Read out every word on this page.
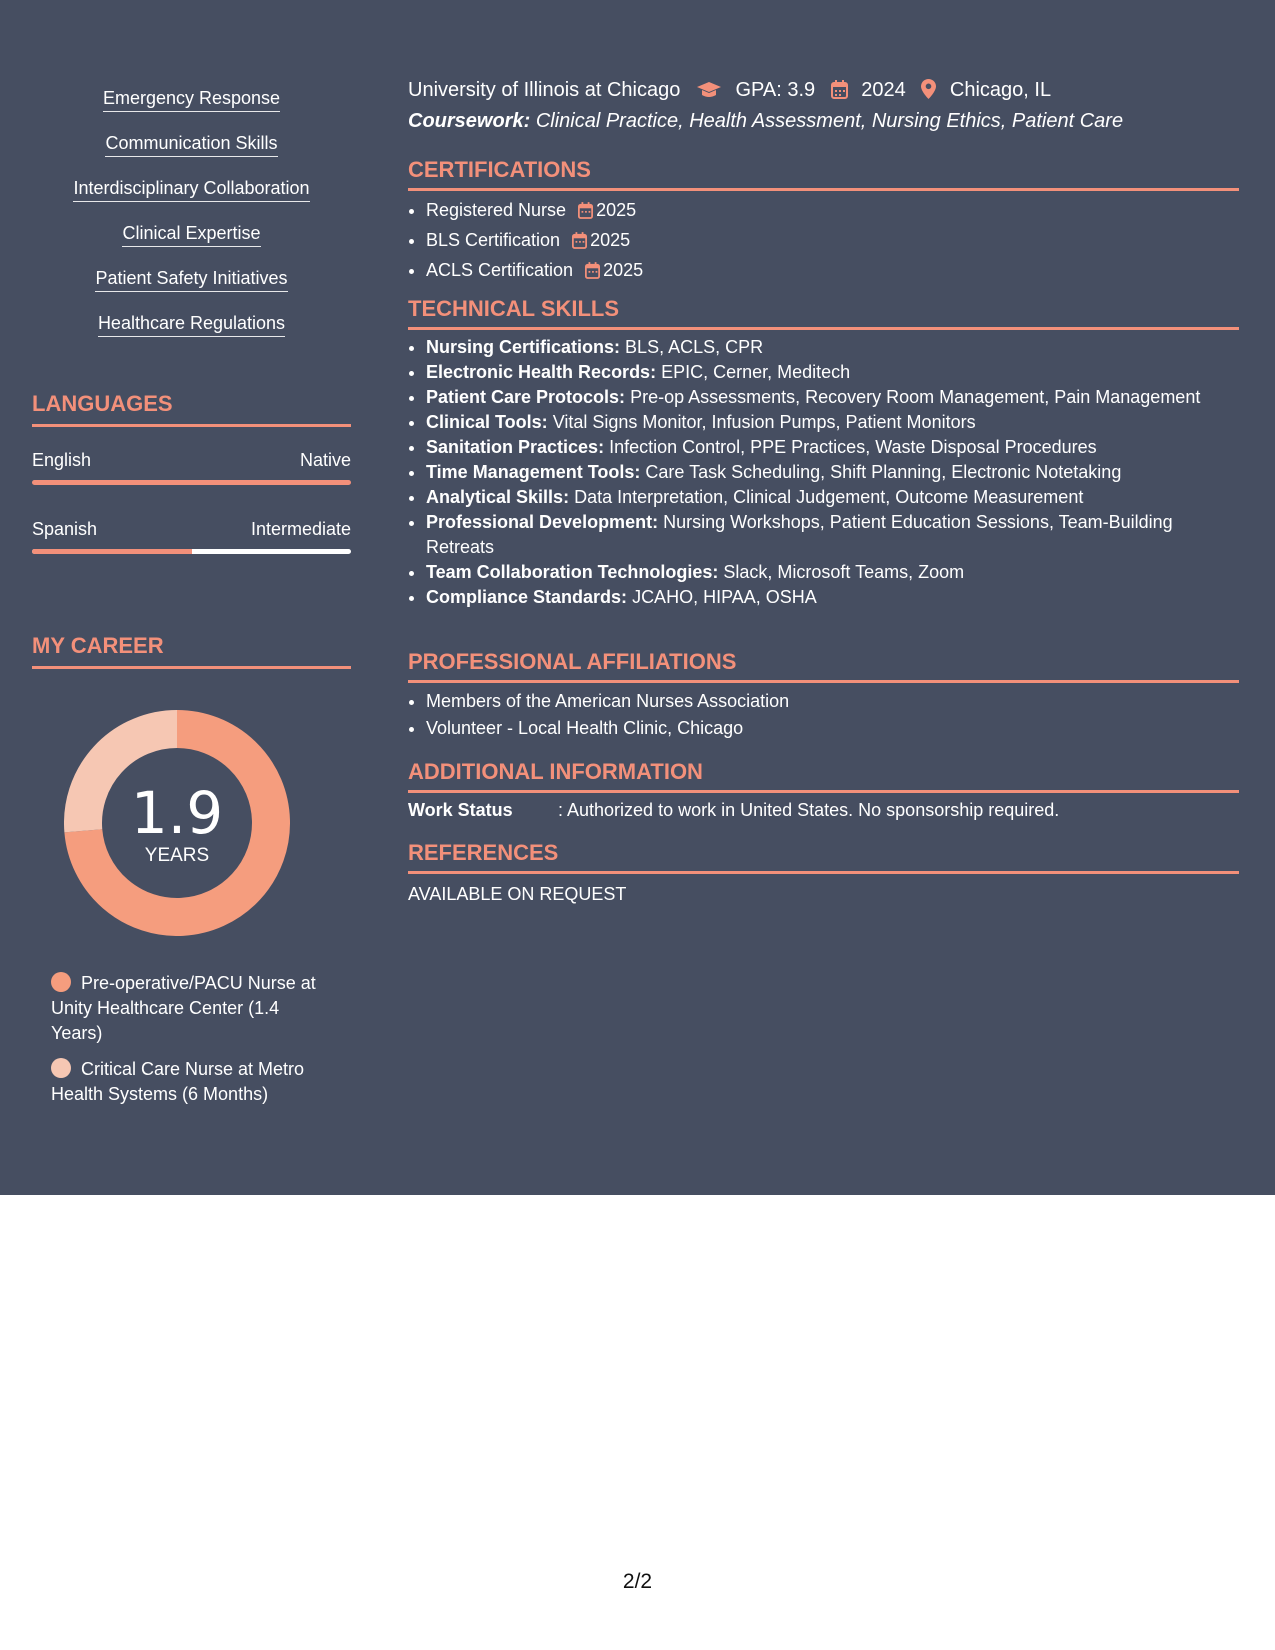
Emergency Response
Communication Skills
Interdisciplinary Collaboration
Clinical Expertise
Patient Safety Initiatives
Healthcare Regulations
LANGUAGES
English	Native
Spanish	Intermediate
MY CAREER
1.9
YEARS
Pre-operative/PACU Nurse at Unity Healthcare Center (1.4 Years)
Critical Care Nurse at Metro Health Systems (6 Months)
University of Illinois at Chicago	GPA: 3.9 2024 Chicago, IL
Coursework: Clinical Practice, Health Assessment, Nursing Ethics, Patient Care
CERTIFICATIONS
• Registered Nurse 2025
• BLS Certification 2025
• ACLS Certification 2025
TECHNICAL SKILLS
• Nursing Certifications: BLS, ACLS, CPR
• Electronic Health Records: EPIC, Cerner, Meditech
• Patient Care Protocols: Pre-op Assessments, Recovery Room Management, Pain Management
• Clinical Tools: Vital Signs Monitor, Infusion Pumps, Patient Monitors
• Sanitation Practices: Infection Control, PPE Practices, Waste Disposal Procedures
• Time Management Tools: Care Task Scheduling, Shift Planning, Electronic Notetaking
• Analytical Skills: Data Interpretation, Clinical Judgement, Outcome Measurement
• Professional Development: Nursing Workshops, Patient Education Sessions, Team-Building Retreats
• Team Collaboration Technologies: Slack, Microsoft Teams, Zoom
• Compliance Standards: JCAHO, HIPAA, OSHA
PROFESSIONAL AFFILIATIONS
• Members of the American Nurses Association
• Volunteer - Local Health Clinic, Chicago
ADDITIONAL INFORMATION
Work Status	: Authorized to work in United States. No sponsorship required.
REFERENCES
AVAILABLE ON REQUEST
2/2
